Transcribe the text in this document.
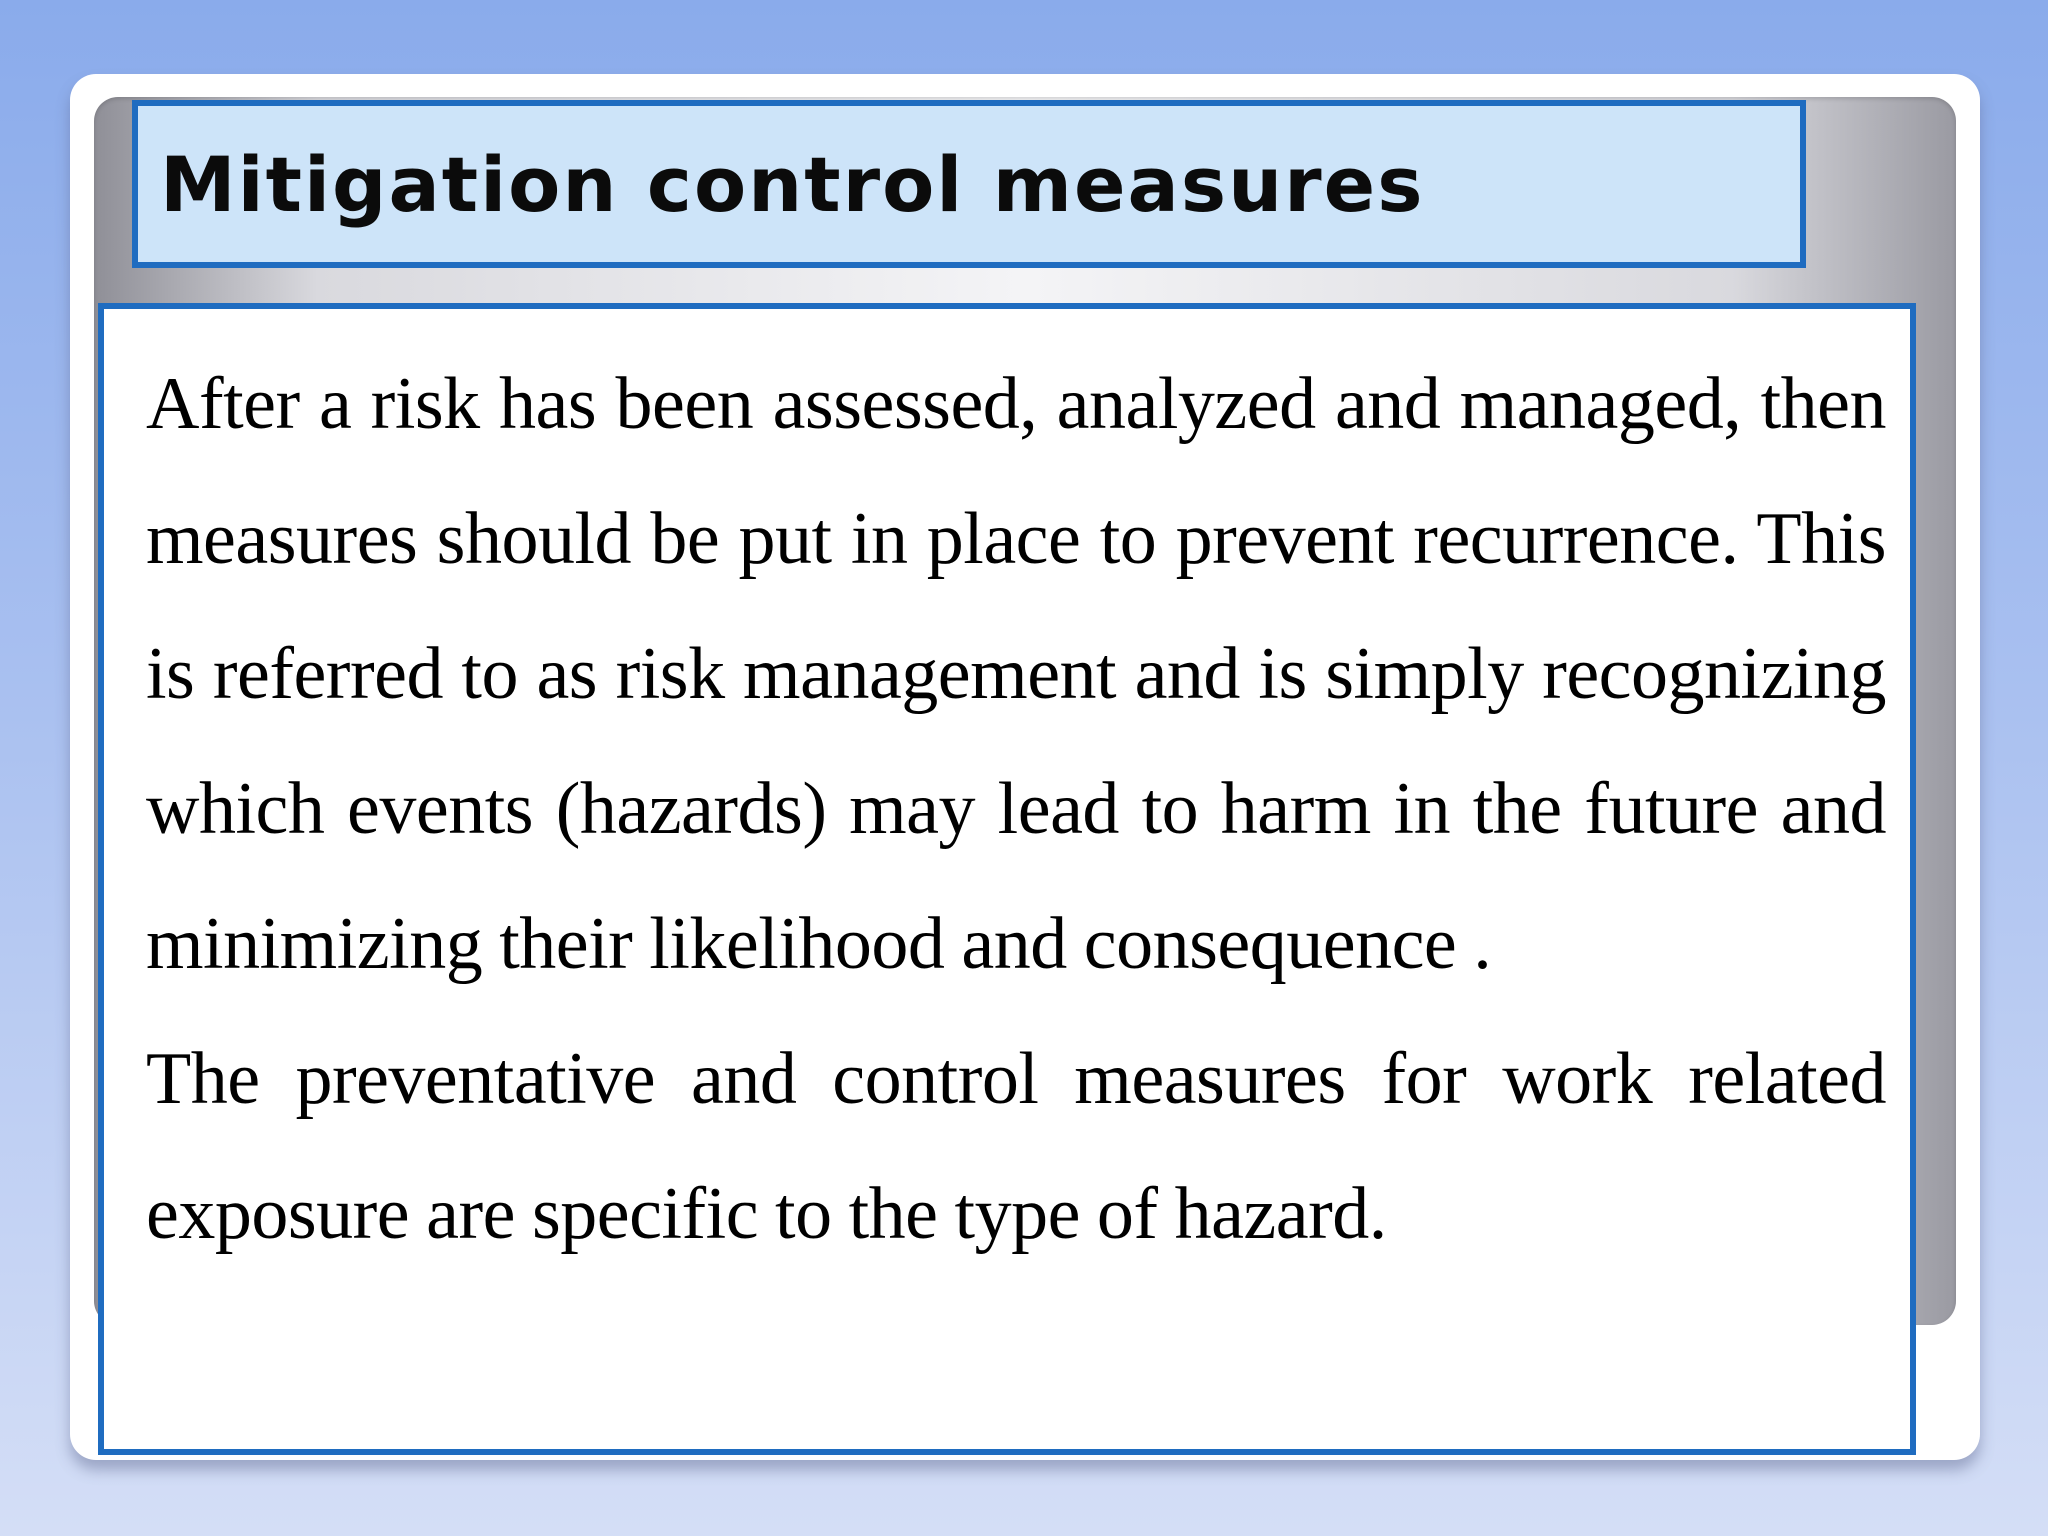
Mitigation control measures

After a risk has been assessed, analyzed and managed, then measures should be put in place to prevent recurrence. This is referred to as risk management and is simply recognizing which events (hazards) may lead to harm in the future and minimizing their likelihood and consequence .

The preventative and control measures for work related exposure are specific to the type of hazard.
